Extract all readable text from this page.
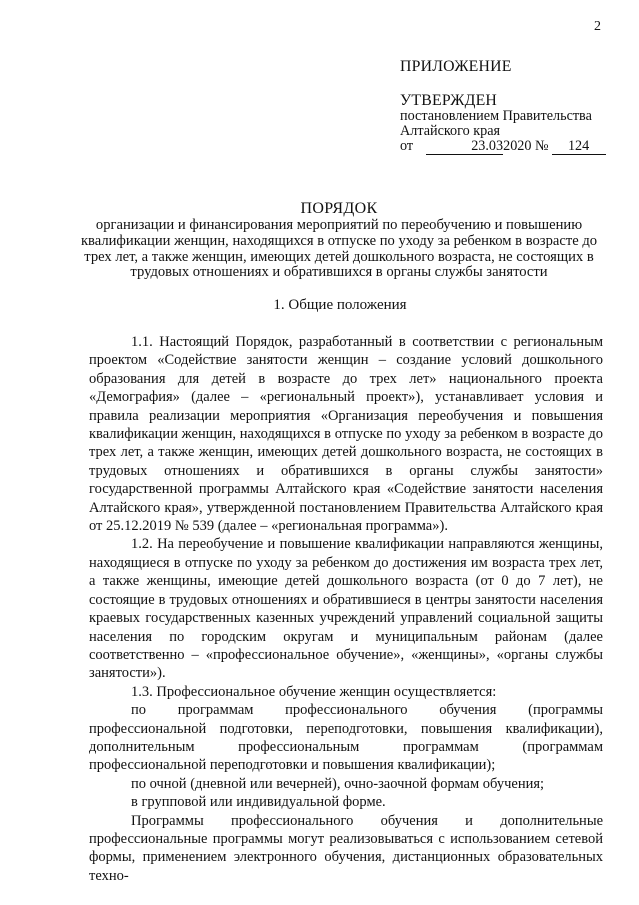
2
ПРИЛОЖЕНИЕ
УТВЕРЖДЕН
постановлением Правительства
Алтайского края
от	23.032020 № 124
ПОРЯДОК
организации и финансирования мероприятий по переобучению и повышению квалификации женщин, находящихся в отпуске по уходу за ребенком в возрасте до трех лет, а также женщин, имеющих детей дошкольного возраста, не состоящих в трудовых отношениях и обратившихся в органы службы занятости
1. Общие положения

1.1. Настоящий Порядок, разработанный в соответствии с региональным проектом «Содействие занятости женщин – создание условий дошкольного образования для детей в возрасте до трех лет» национального проекта «Демография» (далее – «региональный проект»), устанавливает условия и правила реализации мероприятия «Организация переобучения и повышения квалификации женщин, находящихся в отпуске по уходу за ребенком в возрасте до трех лет, а также женщин, имеющих детей дошкольного возраста, не состоящих в трудовых отношениях и обратившихся в органы службы занятости» государственной программы Алтайского края «Содействие занятости населения Алтайского края», утвержденной постановлением Правительства Алтайского края от 25.12.2019 № 539 (далее – «региональная программа»).

1.2. На переобучение и повышение квалификации направляются женщины, находящиеся в отпуске по уходу за ребенком до достижения им возраста трех лет, а также женщины, имеющие детей дошкольного возраста (от 0 до 7 лет), не состоящие в трудовых отношениях и обратившиеся в центры занятости населения краевых государственных казенных учреждений управлений социальной защиты населения по городским округам и муниципальным районам (далее соответственно – «профессиональное обучение», «женщины», «органы службы занятости»).

1.3. Профессиональное обучение женщин осуществляется:

по программам профессионального обучения (программы профессиональной подготовки, переподготовки, повышения квалификации), дополнительным профессиональным программам (программам профессиональной переподготовки и повышения квалификации);

по очной (дневной или вечерней), очно-заочной формам обучения;

в групповой или индивидуальной форме.

Программы профессионального обучения и дополнительные профессиональные программы могут реализовываться с использованием сетевой формы, применением электронного обучения, дистанционных образовательных техно-
